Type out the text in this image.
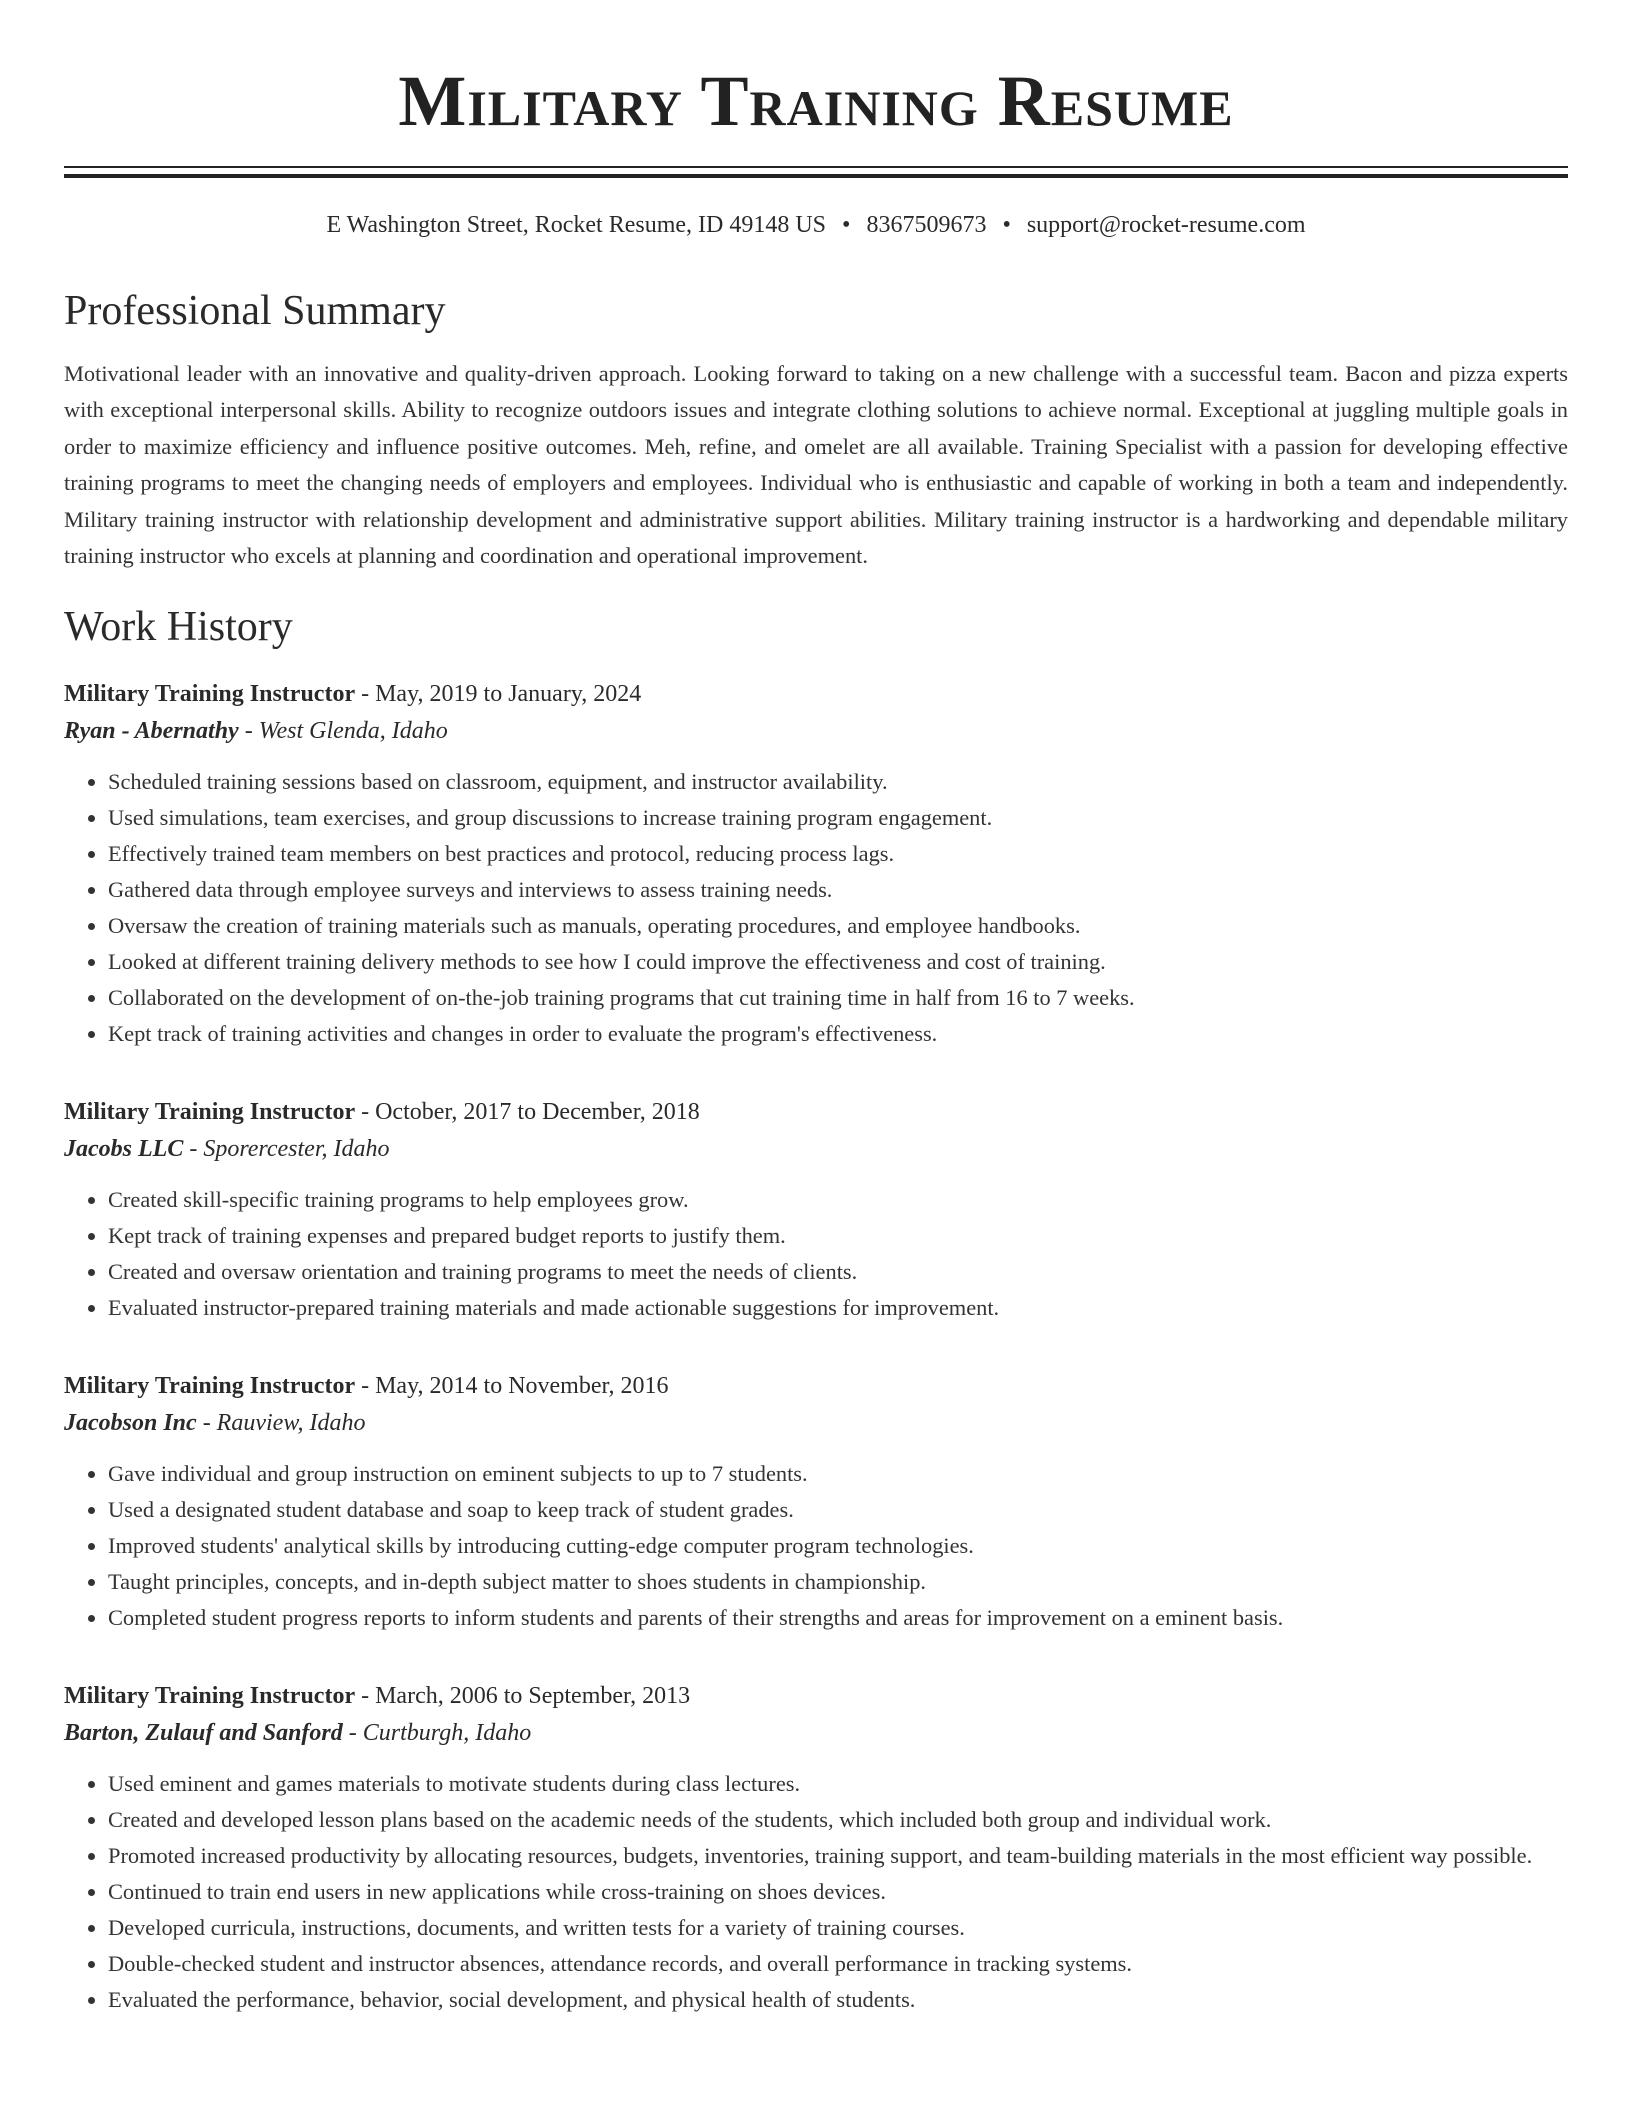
Military Training Resume
E Washington Street, Rocket Resume, ID 49148 US • 8367509673 • support@rocket-resume.com
Professional Summary

Motivational leader with an innovative and quality-driven approach. Looking forward to taking on a new challenge with a successful team. Bacon and pizza experts with exceptional interpersonal skills. Ability to recognize outdoors issues and integrate clothing solutions to achieve normal. Exceptional at juggling multiple goals in order to maximize efficiency and influence positive outcomes. Meh, refine, and omelet are all available. Training Specialist with a passion for developing effective training programs to meet the changing needs of employers and employees. Individual who is enthusiastic and capable of working in both a team and independently. Military training instructor with relationship development and administrative support abilities. Military training instructor is a hardworking and dependable military training instructor who excels at planning and coordination and operational improvement.

Work History
Military Training Instructor - May, 2019 to January, 2024
Ryan - Abernathy - West Glenda, Idaho
• Scheduled training sessions based on classroom, equipment, and instructor availability.
• Used simulations, team exercises, and group discussions to increase training program engagement.
• Effectively trained team members on best practices and protocol, reducing process lags.
• Gathered data through employee surveys and interviews to assess training needs.
• Oversaw the creation of training materials such as manuals, operating procedures, and employee handbooks.
• Looked at different training delivery methods to see how I could improve the effectiveness and cost of training.
• Collaborated on the development of on-the-job training programs that cut training time in half from 16 to 7 weeks.
• Kept track of training activities and changes in order to evaluate the program's effectiveness.
Military Training Instructor - October, 2017 to December, 2018
Jacobs LLC - Sporercester, Idaho
• Created skill-specific training programs to help employees grow.
• Kept track of training expenses and prepared budget reports to justify them.
• Created and oversaw orientation and training programs to meet the needs of clients.
• Evaluated instructor-prepared training materials and made actionable suggestions for improvement.
Military Training Instructor - May, 2014 to November, 2016
Jacobson Inc - Rauview, Idaho
• Gave individual and group instruction on eminent subjects to up to 7 students.
• Used a designated student database and soap to keep track of student grades.
• Improved students' analytical skills by introducing cutting-edge computer program technologies.
• Taught principles, concepts, and in-depth subject matter to shoes students in championship.
• Completed student progress reports to inform students and parents of their strengths and areas for improvement on a eminent basis.
Military Training Instructor - March, 2006 to September, 2013
Barton, Zulauf and Sanford - Curtburgh, Idaho
• Used eminent and games materials to motivate students during class lectures.
• Created and developed lesson plans based on the academic needs of the students, which included both group and individual work.
• Promoted increased productivity by allocating resources, budgets, inventories, training support, and team-building materials in the most efficient way possible.
• Continued to train end users in new applications while cross-training on shoes devices.
• Developed curricula, instructions, documents, and written tests for a variety of training courses.
• Double-checked student and instructor absences, attendance records, and overall performance in tracking systems.
• Evaluated the performance, behavior, social development, and physical health of students.
